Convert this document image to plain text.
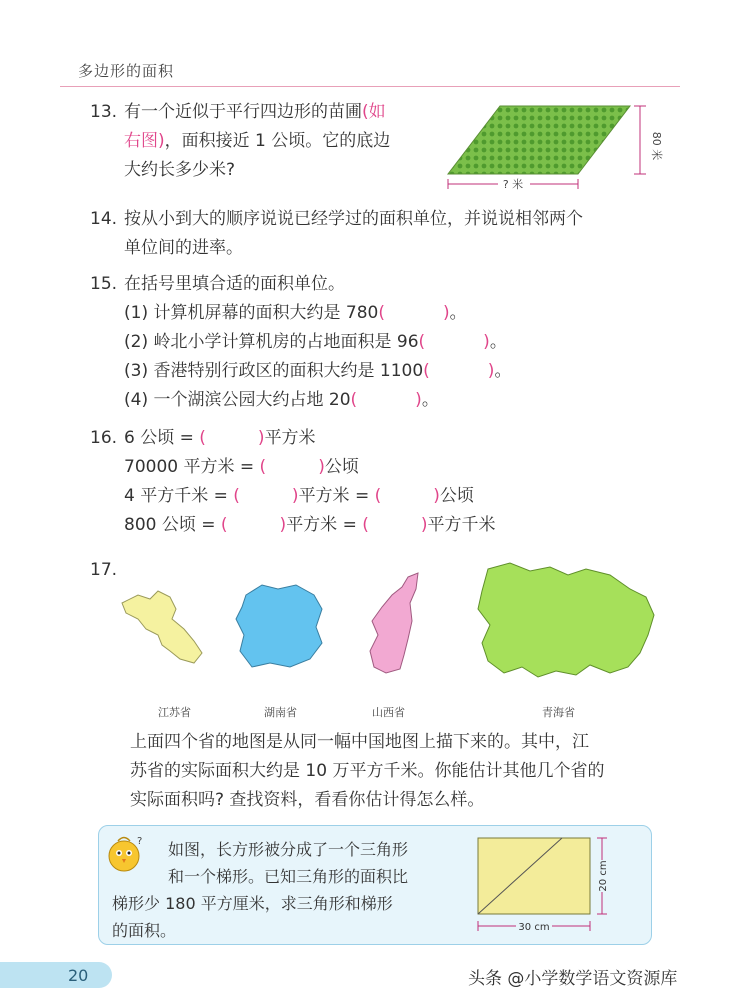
多边形的面积
13. 有一个近似于平行四边形的苗圃(如
右图)，面积接近 1 公顷。它的底边
大约长多少米?
80 米
? 米
14. 按从小到大的顺序说说已经学过的面积单位，并说说相邻两个
单位间的进率。
15. 在括号里填合适的面积单位。
(1) 计算机屏幕的面积大约是 780(	)。
(2) 岭北小学计算机房的占地面积是 96(	)。
(3) 香港特别行政区的面积大约是 1100(	)。
(4) 一个湖滨公园大约占地 20(	)。
16. 6 公顷 = (	)平方米
70000 平方米 = (	)公顷
4 平方千米 = (	)平方米 = (	)公顷
800 公顷 = (	)平方米 = (	)平方千米
17.
江苏省	湖南省	山西省	青海省
上面四个省的地图是从同一幅中国地图上描下来的。其中，江
苏省的实际面积大约是 10 万平方千米。你能估计其他几个省的
实际面积吗? 查找资料，看看你估计得怎么样。
?	如图，长方形被分成了一个三角形
和一个梯形。已知三角形的面积比
梯形少 180 平方厘米，求三角形和梯形
的面积。
20 cm
30 cm
20	头条 @小学数学语文资源库
